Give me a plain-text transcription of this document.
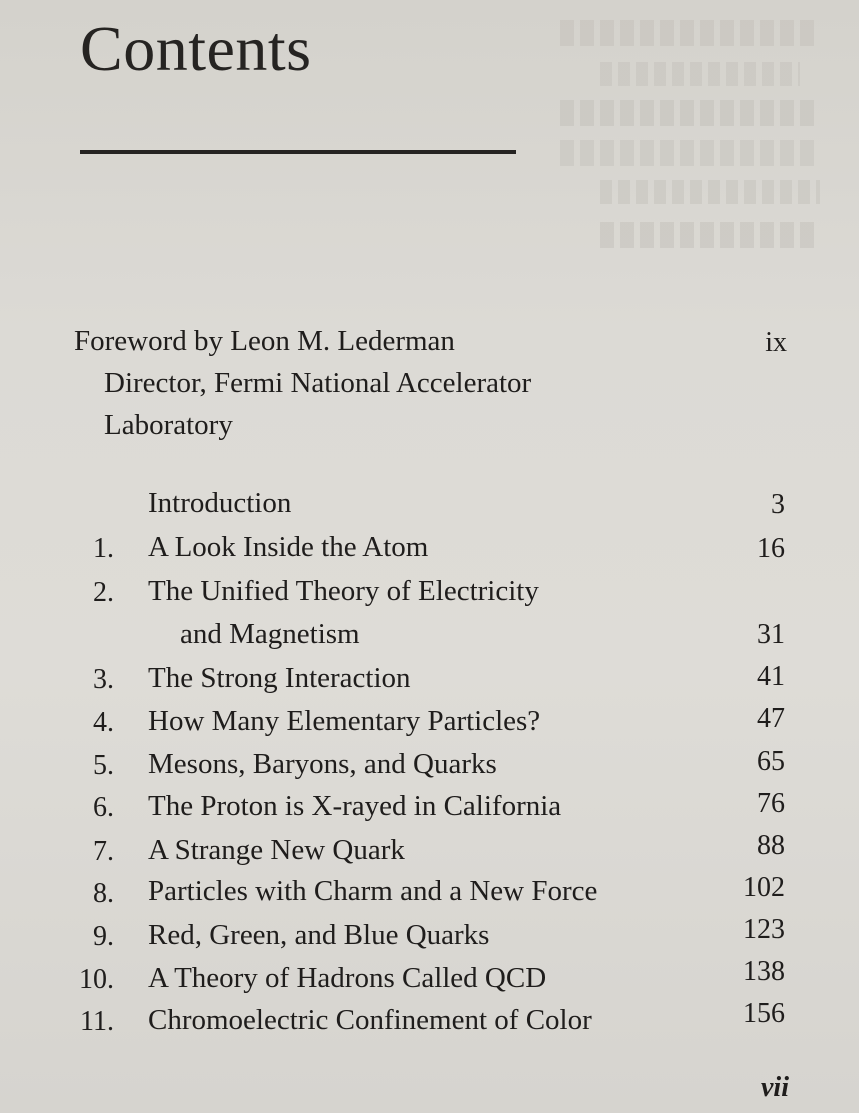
Contents
Foreword by Leon M. Lederman	ix
Director, Fermi National Accelerator
Laboratory
Introduction	3
1. A Look Inside the Atom	16
2. The Unified Theory of Electricity
and Magnetism	31
3. The Strong Interaction	41
4. How Many Elementary Particles?	47
5. Mesons, Baryons, and Quarks	65
6. The Proton is X-rayed in California	76
7. A Strange New Quark	88
8. Particles with Charm and a New Force	102
9. Red, Green, and Blue Quarks	123
10. A Theory of Hadrons Called QCD	138
11. Chromoelectric Confinement of Color	156
vii
